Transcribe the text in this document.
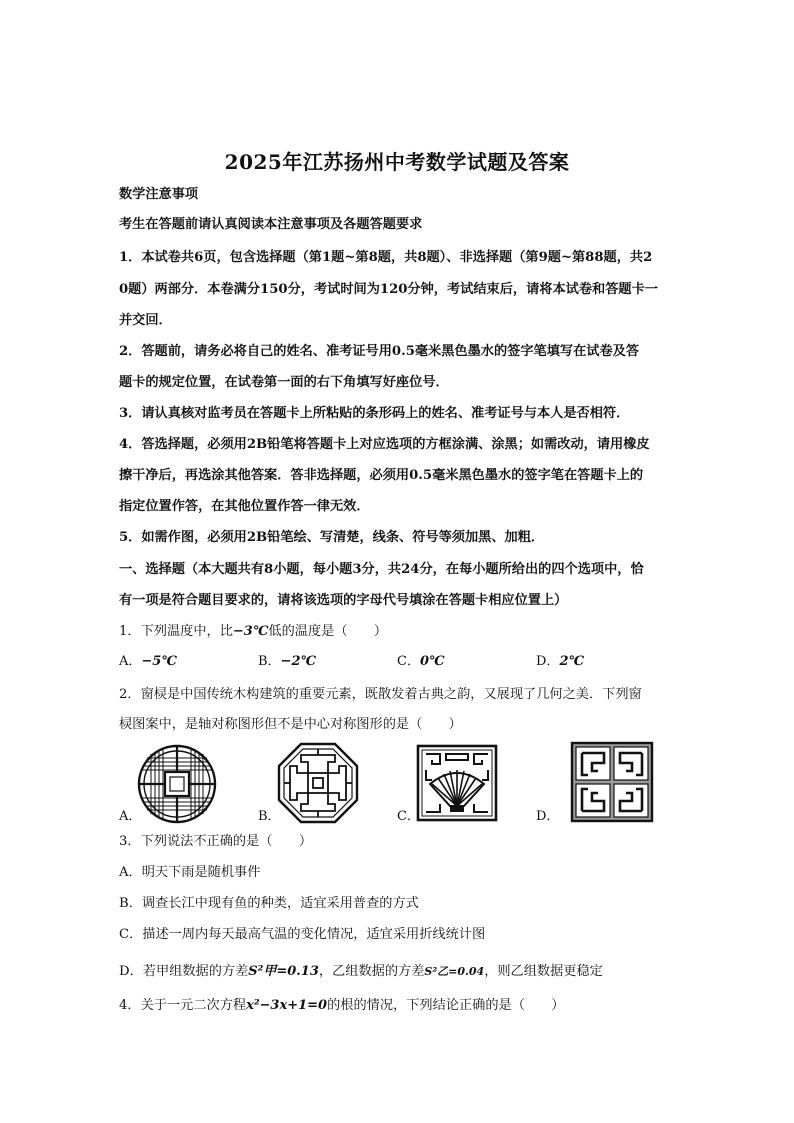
2025年江苏扬州中考数学试题及答案
数学注意事项
考生在答题前请认真阅读本注意事项及各题答题要求
1．本试卷共6页，包含选择题（第1题~第8题，共8题）、非选择题（第9题~第88题，共2
0题）两部分．本卷满分150分，考试时间为120分钟，考试结束后，请将本试卷和答题卡一
并交回．
2．答题前，请务必将自己的姓名、准考证号用0.5毫米黑色墨水的签字笔填写在试卷及答
题卡的规定位置，在试卷第一面的右下角填写好座位号．
3．请认真核对监考员在答题卡上所粘贴的条形码上的姓名、准考证号与本人是否相符．
4．答选择题，必须用2B铅笔将答题卡上对应选项的方框涂满、涂黑；如需改动，请用橡皮
擦干净后，再选涂其他答案．答非选择题，必须用0.5毫米黑色墨水的签字笔在答题卡上的
指定位置作答，在其他位置作答一律无效．
5．如需作图，必须用2B铅笔绘、写清楚，线条、符号等须加黑、加粗．
一、选择题（本大题共有8小题，每小题3分，共24分，在每小题所给出的四个选项中，恰
有一项是符合题目要求的，请将该选项的字母代号填涂在答题卡相应位置上）
1．下列温度中，比−3℃低的温度是（　　）
A．−5℃	B．−2℃	C．0℃	D．2℃
2．窗棂是中国传统木构建筑的重要元素，既散发着古典之韵，又展现了几何之美．下列窗
棂图案中，是轴对称图形但不是中心对称图形的是（　　）
A．	B．	C．	D．
3．下列说法不正确的是（　　）
A．明天下雨是随机事件
B．调查长江中现有鱼的种类，适宜采用普查的方式
C．描述一周内每天最高气温的变化情况，适宜采用折线统计图
D．若甲组数据的方差S²甲=0.13，乙组数据的方差S²乙=0.04，则乙组数据更稳定
4．关于一元二次方程x²−3x+1=0的根的情况，下列结论正确的是（　　）
